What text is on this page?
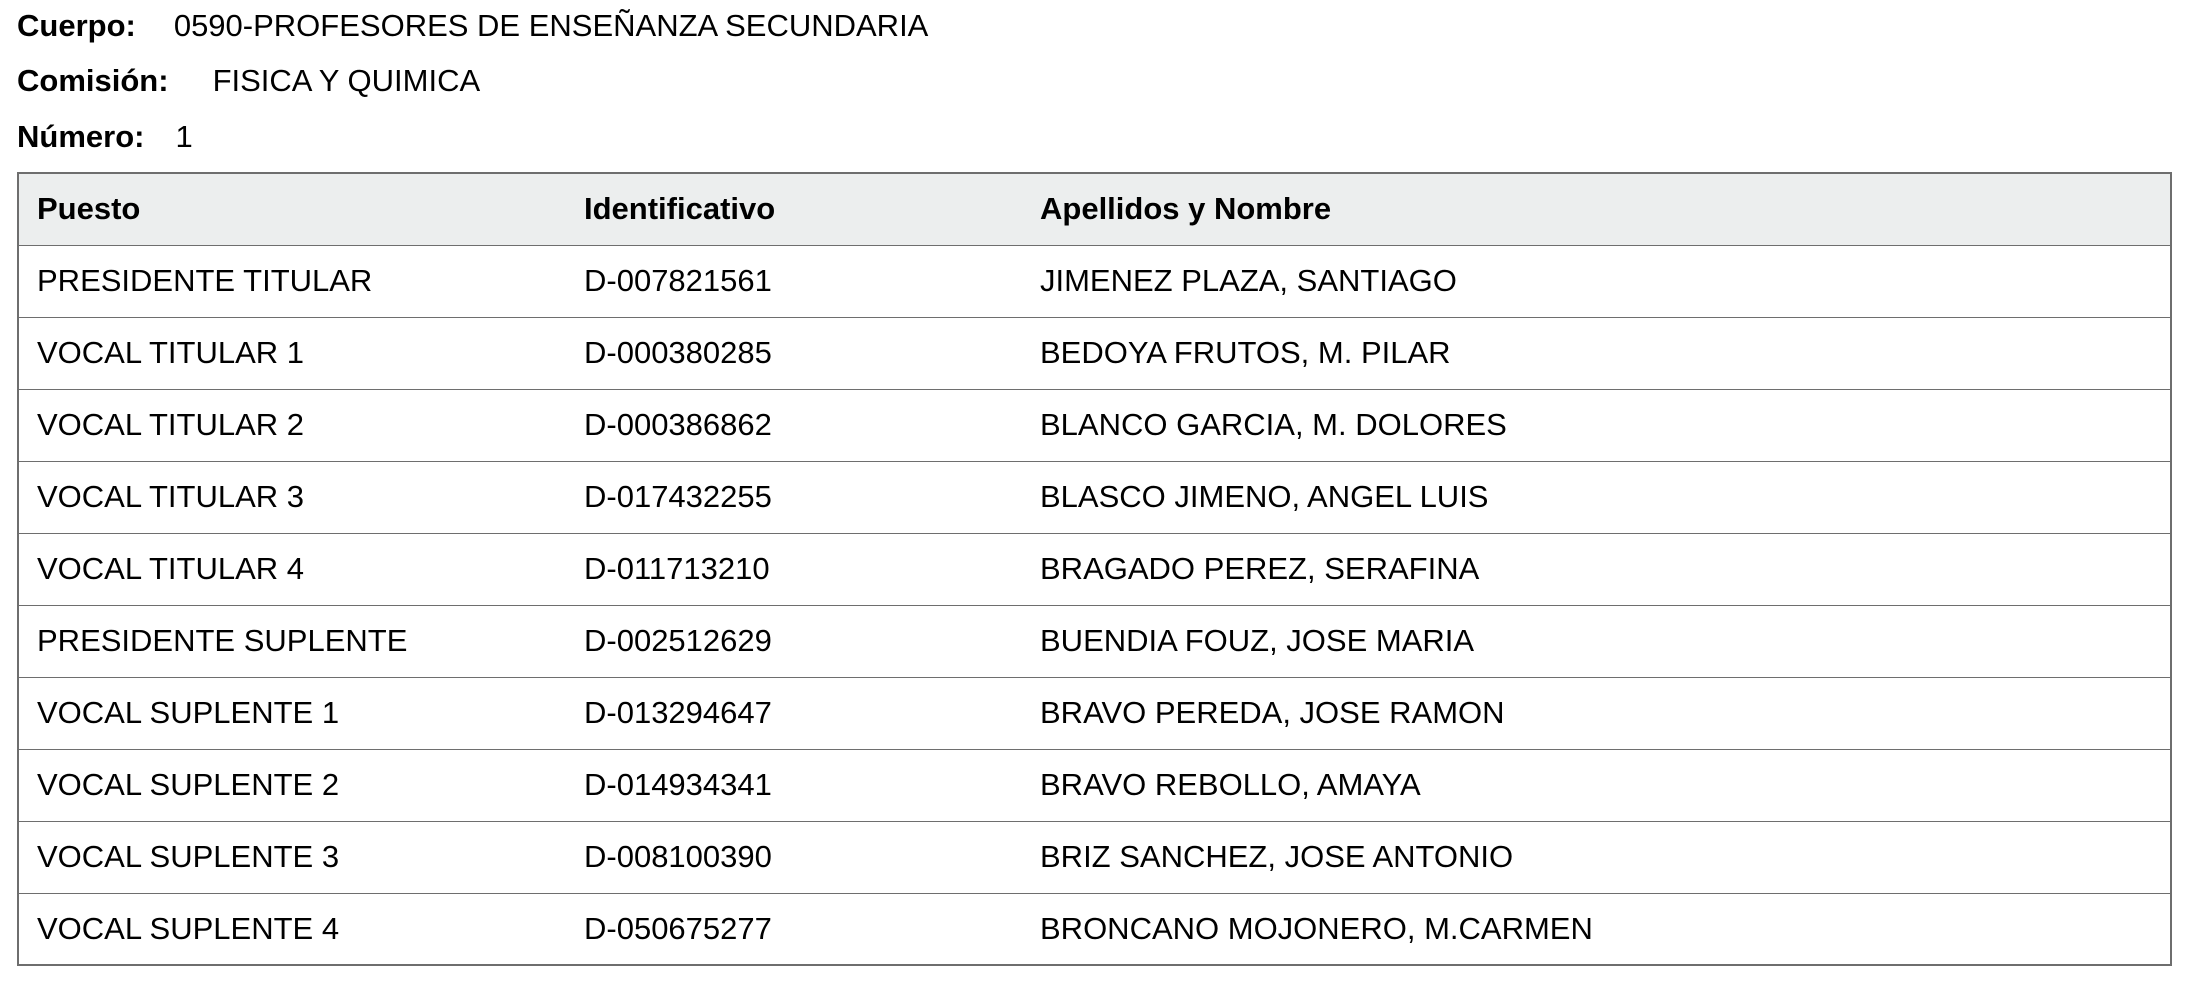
Cuerpo: 0590-PROFESORES DE ENSEÑANZA SECUNDARIA
Comisión: FISICA Y QUIMICA
Número: 1
Puesto	Identificativo	Apellidos y Nombre
PRESIDENTE TITULAR	D-007821561	JIMENEZ PLAZA, SANTIAGO
VOCAL TITULAR 1	D-000380285	BEDOYA FRUTOS, M. PILAR
VOCAL TITULAR 2	D-000386862	BLANCO GARCIA, M. DOLORES
VOCAL TITULAR 3	D-017432255	BLASCO JIMENO, ANGEL LUIS
VOCAL TITULAR 4	D-011713210	BRAGADO PEREZ, SERAFINA
PRESIDENTE SUPLENTE	D-002512629	BUENDIA FOUZ, JOSE MARIA
VOCAL SUPLENTE 1	D-013294647	BRAVO PEREDA, JOSE RAMON
VOCAL SUPLENTE 2	D-014934341	BRAVO REBOLLO, AMAYA
VOCAL SUPLENTE 3	D-008100390	BRIZ SANCHEZ, JOSE ANTONIO
VOCAL SUPLENTE 4	D-050675277	BRONCANO MOJONERO, M.CARMEN
